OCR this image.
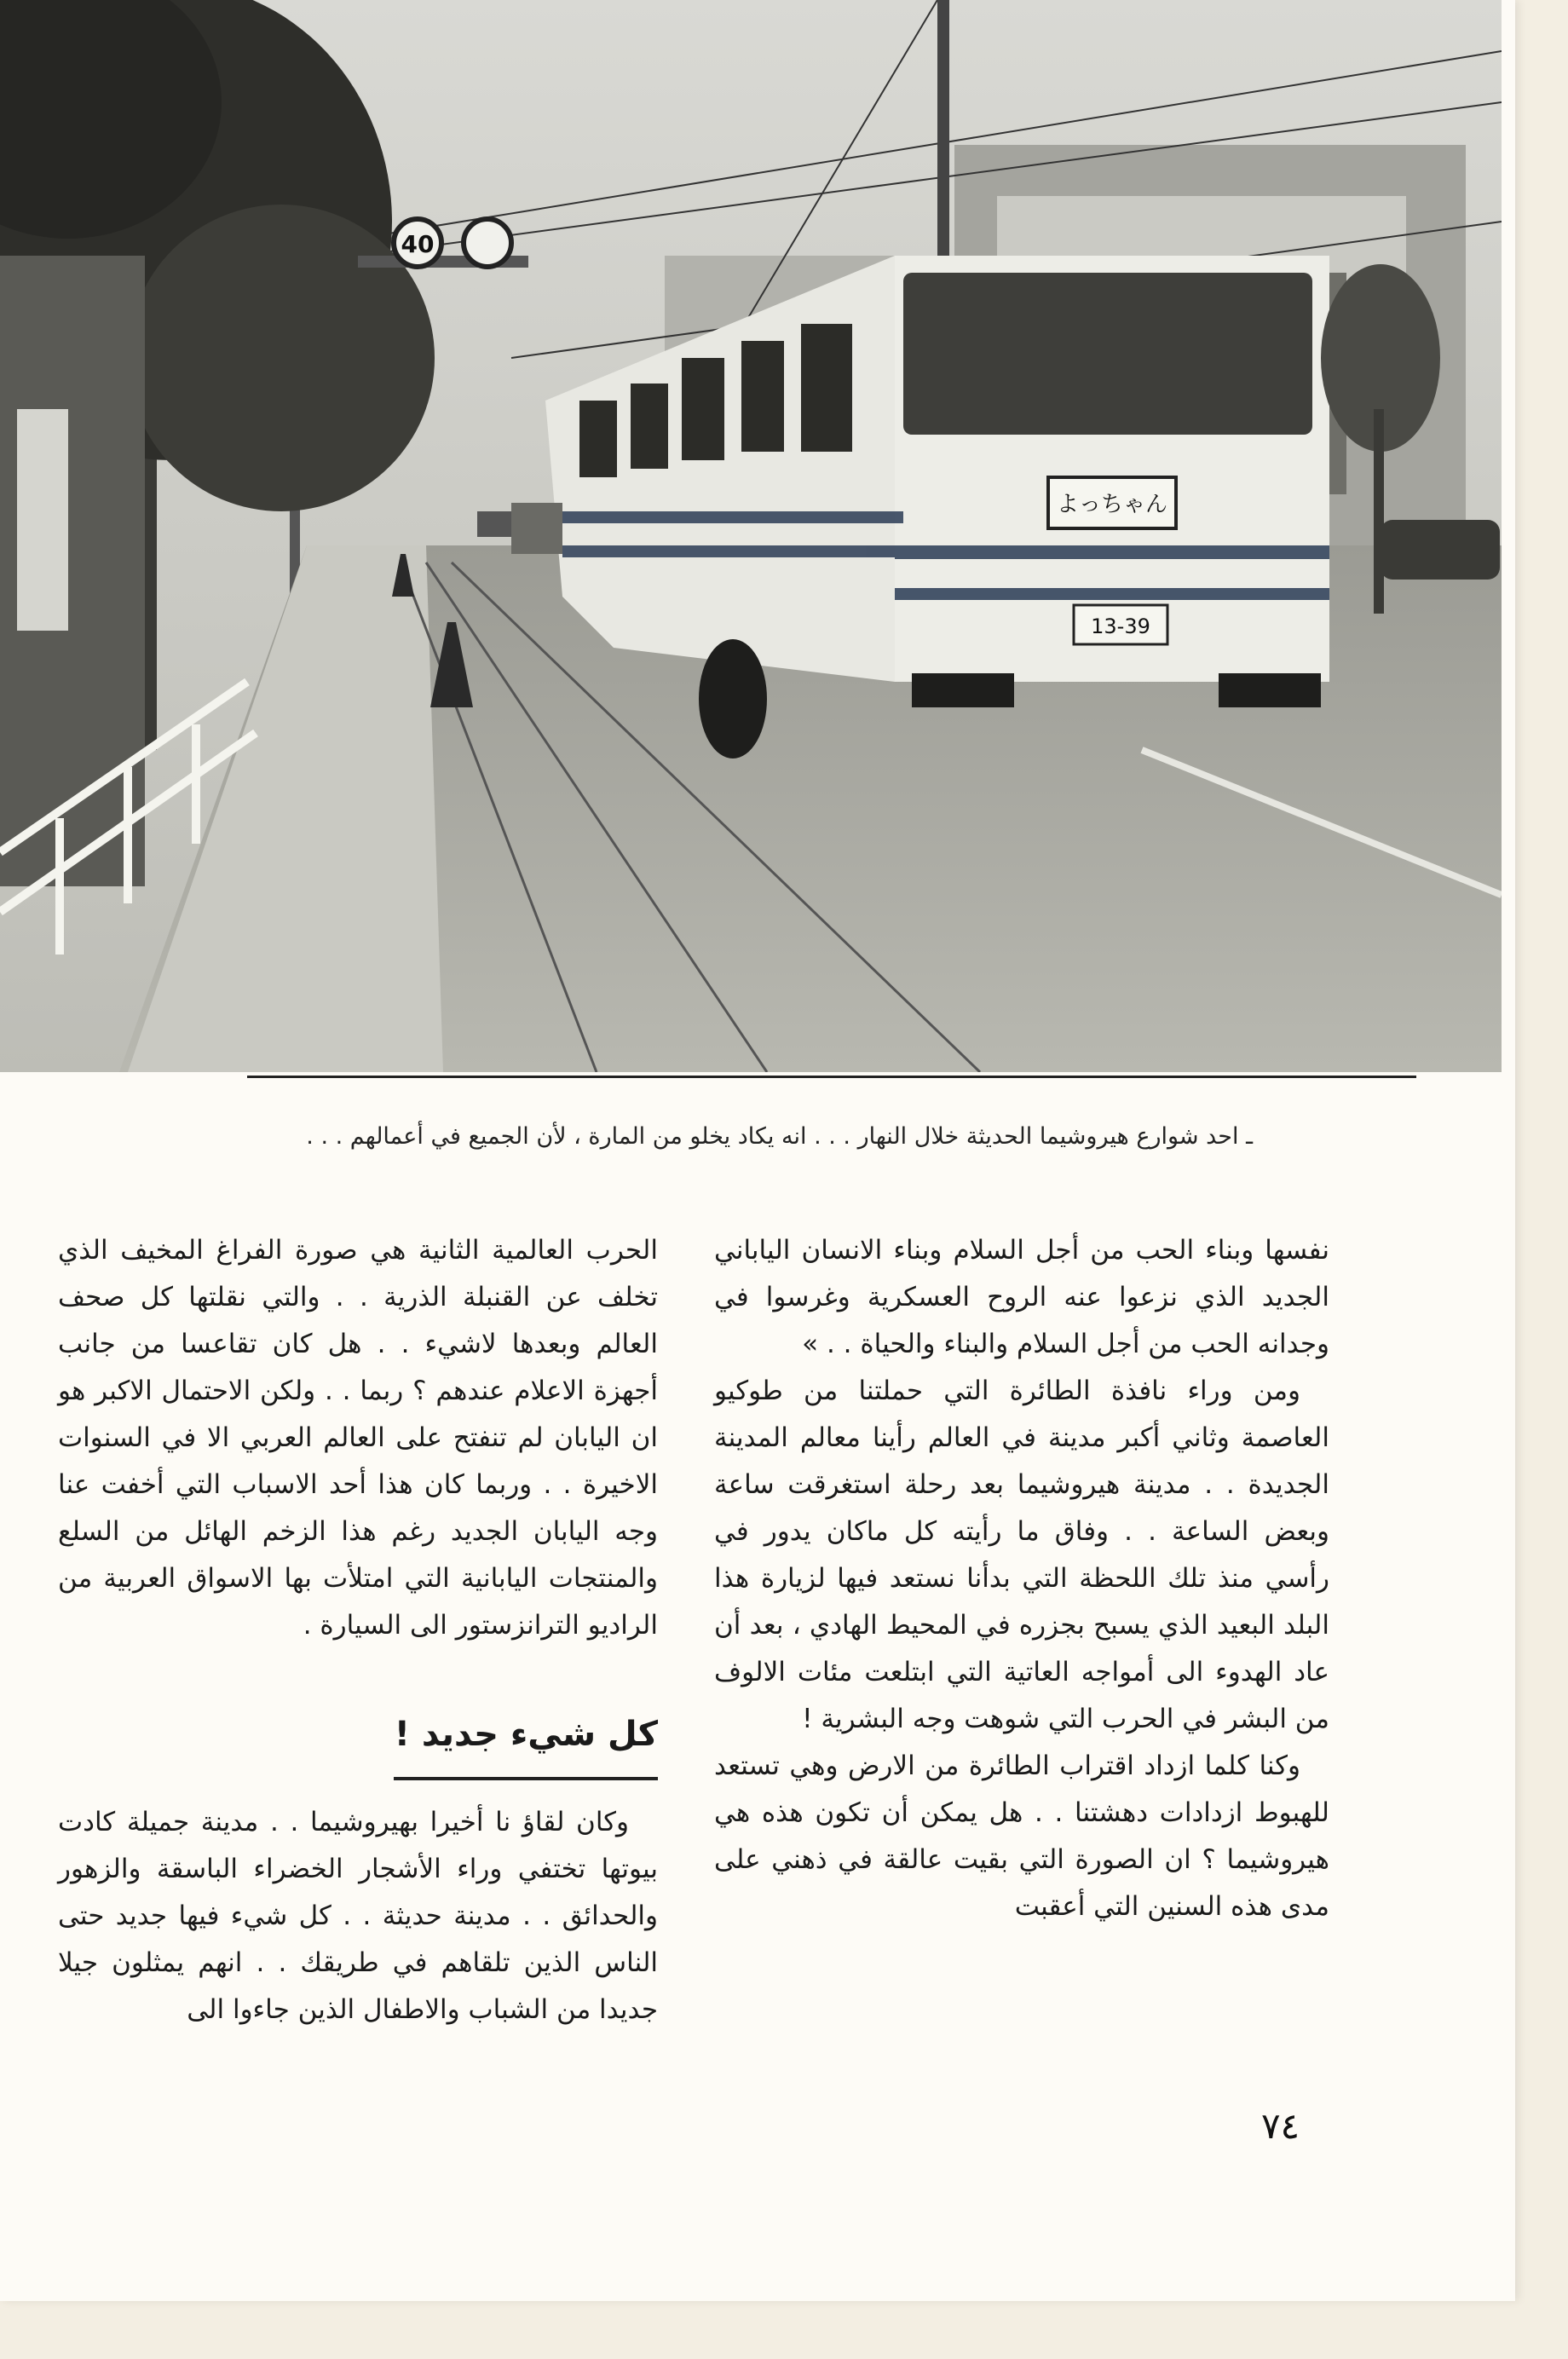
40
よっちゃん
13-39
ـ احد شوارع هيروشيما الحديثة خلال النهار . . . انه يكاد يخلو من المارة ، لأن الجميع في أعمالهم . . .

نفسها وبناء الحب من أجل السلام وبناء الانسان الياباني الجديد الذي نزعوا عنه الروح العسكرية وغرسوا في وجدانه الحب من أجل السلام والبناء والحياة . . »

ومن وراء نافذة الطائرة التي حملتنا من طوكيو العاصمة وثاني أكبر مدينة في العالم رأينا معالم المدينة الجديدة . . مدينة هيروشيما بعد رحلة استغرقت ساعة وبعض الساعة . . وفاق ما رأيته كل ماكان يدور في رأسي منذ تلك اللحظة التي بدأنا نستعد فيها لزيارة هذا البلد البعيد الذي يسبح بجزره في المحيط الهادي ، بعد أن عاد الهدوء الى أمواجه العاتية التي ابتلعت مئات الالوف من البشر في الحرب التي شوهت وجه البشرية !

وكنا كلما ازداد اقتراب الطائرة من الارض وهي تستعد للهبوط ازدادات دهشتنا . . هل يمكن أن تكون هذه هي هيروشيما ؟ ان الصورة التي بقيت عالقة في ذهني على مدى هذه السنين التي أعقبت

الحرب العالمية الثانية هي صورة الفراغ المخيف الذي تخلف عن القنبلة الذرية . . والتي نقلتها كل صحف العالم وبعدها لاشيء . . هل كان تقاعسا من جانب أجهزة الاعلام عندهم ؟ ربما . . ولكن الاحتمال الاكبر هو ان اليابان لم تنفتح على العالم العربي الا في السنوات الاخيرة . . وربما كان هذا أحد الاسباب التي أخفت عنا وجه اليابان الجديد رغم هذا الزخم الهائل من السلع والمنتجات اليابانية التي امتلأت بها الاسواق العربية من الراديو الترانزستور الى السيارة .

كل شيء جديد !

وكان لقاؤ نا أخيرا بهيروشيما . . مدينة جميلة كادت بيوتها تختفي وراء الأشجار الخضراء الباسقة والزهور والحدائق . . مدينة حديثة . . كل شيء فيها جديد حتى الناس الذين تلقاهم في طريقك . . انهم يمثلون جيلا جديدا من الشباب والاطفال الذين جاءوا الى

٧٤
